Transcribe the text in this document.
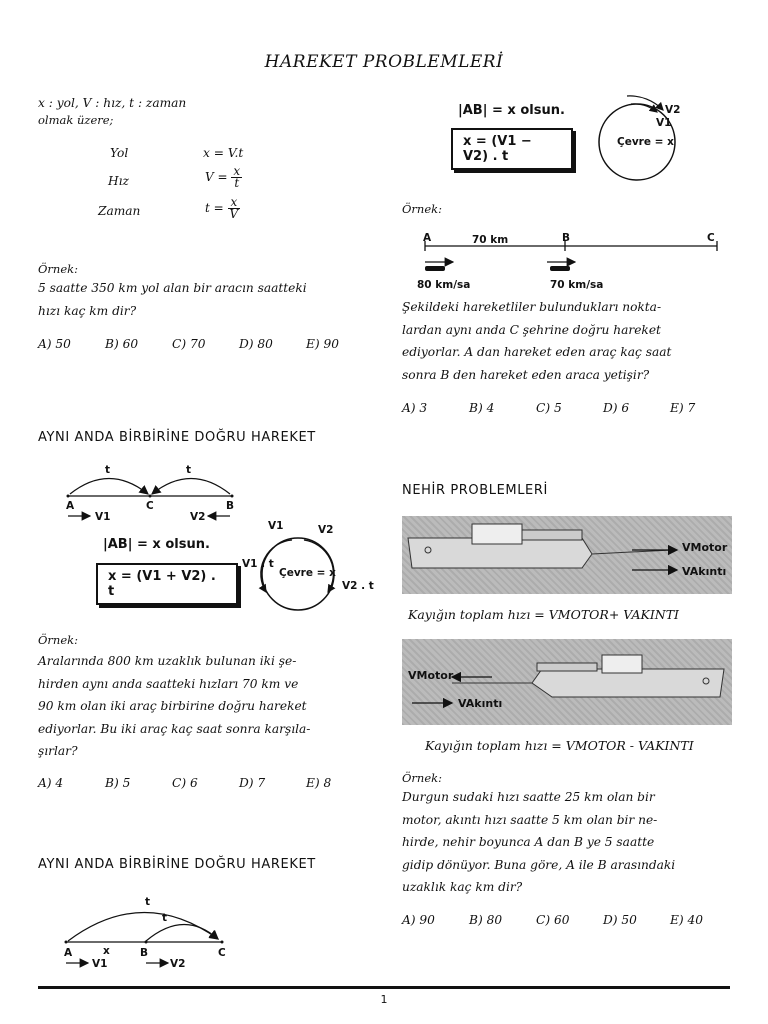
HAREKET PROBLEMLERİ
x : yol, V : hız, t : zaman
olmak üzere;
Yol	x = V.t
Hız	$V = \frac{x}{t}$
Zaman	$t = \frac{x}{V}$
Örnek:
5 saatte 350 km yol alan bir aracın saatteki
hızı kaç km dir?
A) 50	B) 60	C) 70	D) 80	E) 90
AYNI ANDA BİRBİRİNE DOĞRU HAREKET
t	t
A	C	B
V1	V2
|AB| = x olsun.
x = (V1 + V2) . t
Çevre = x
V1	V2
V1 . t
V2 . t
Örnek:
Aralarında 800 km uzaklık bulunan iki şe-
hirden aynı anda saatteki hızları 70 km ve
90 km olan iki araç birbirine doğru hareket
ediyorlar. Bu iki araç kaç saat sonra karşıla-
şırlar?
A) 4	B) 5	C) 6	D) 7	E) 8
AYNI ANDA BİRBİRİNE DOĞRU HAREKET
t
t
A	x	B	C
V1	V2
|AB| = x olsun.
x = (V1 − V2) . t
Çevre = x
V1
V2
Örnek:
A	70 km	B	C
80 km/sa	70 km/sa
Şekildeki hareketliler bulundukları nokta-
lardan aynı anda C şehrine doğru hareket
ediyorlar. A dan hareket eden araç kaç saat
sonra B den hareket eden araca yetişir?
A) 3	B) 4	C) 5	D) 6	E) 7
NEHİR PROBLEMLERİ
VMotor
VAkıntı
Kayığın toplam hızı = VMOTOR+ VAKINTI
VMotor
VAkıntı
Kayığın toplam hızı = VMOTOR - VAKINTI
Örnek:
Durgun sudaki hızı saatte 25 km olan bir
motor, akıntı hızı saatte 5 km olan bir ne-
hirde, nehir boyunca A dan B ye 5 saatte
gidip dönüyor. Buna göre, A ile B arasındaki
uzaklık kaç km dir?
A) 90	B) 80	C) 60	D) 50	E) 40
1
